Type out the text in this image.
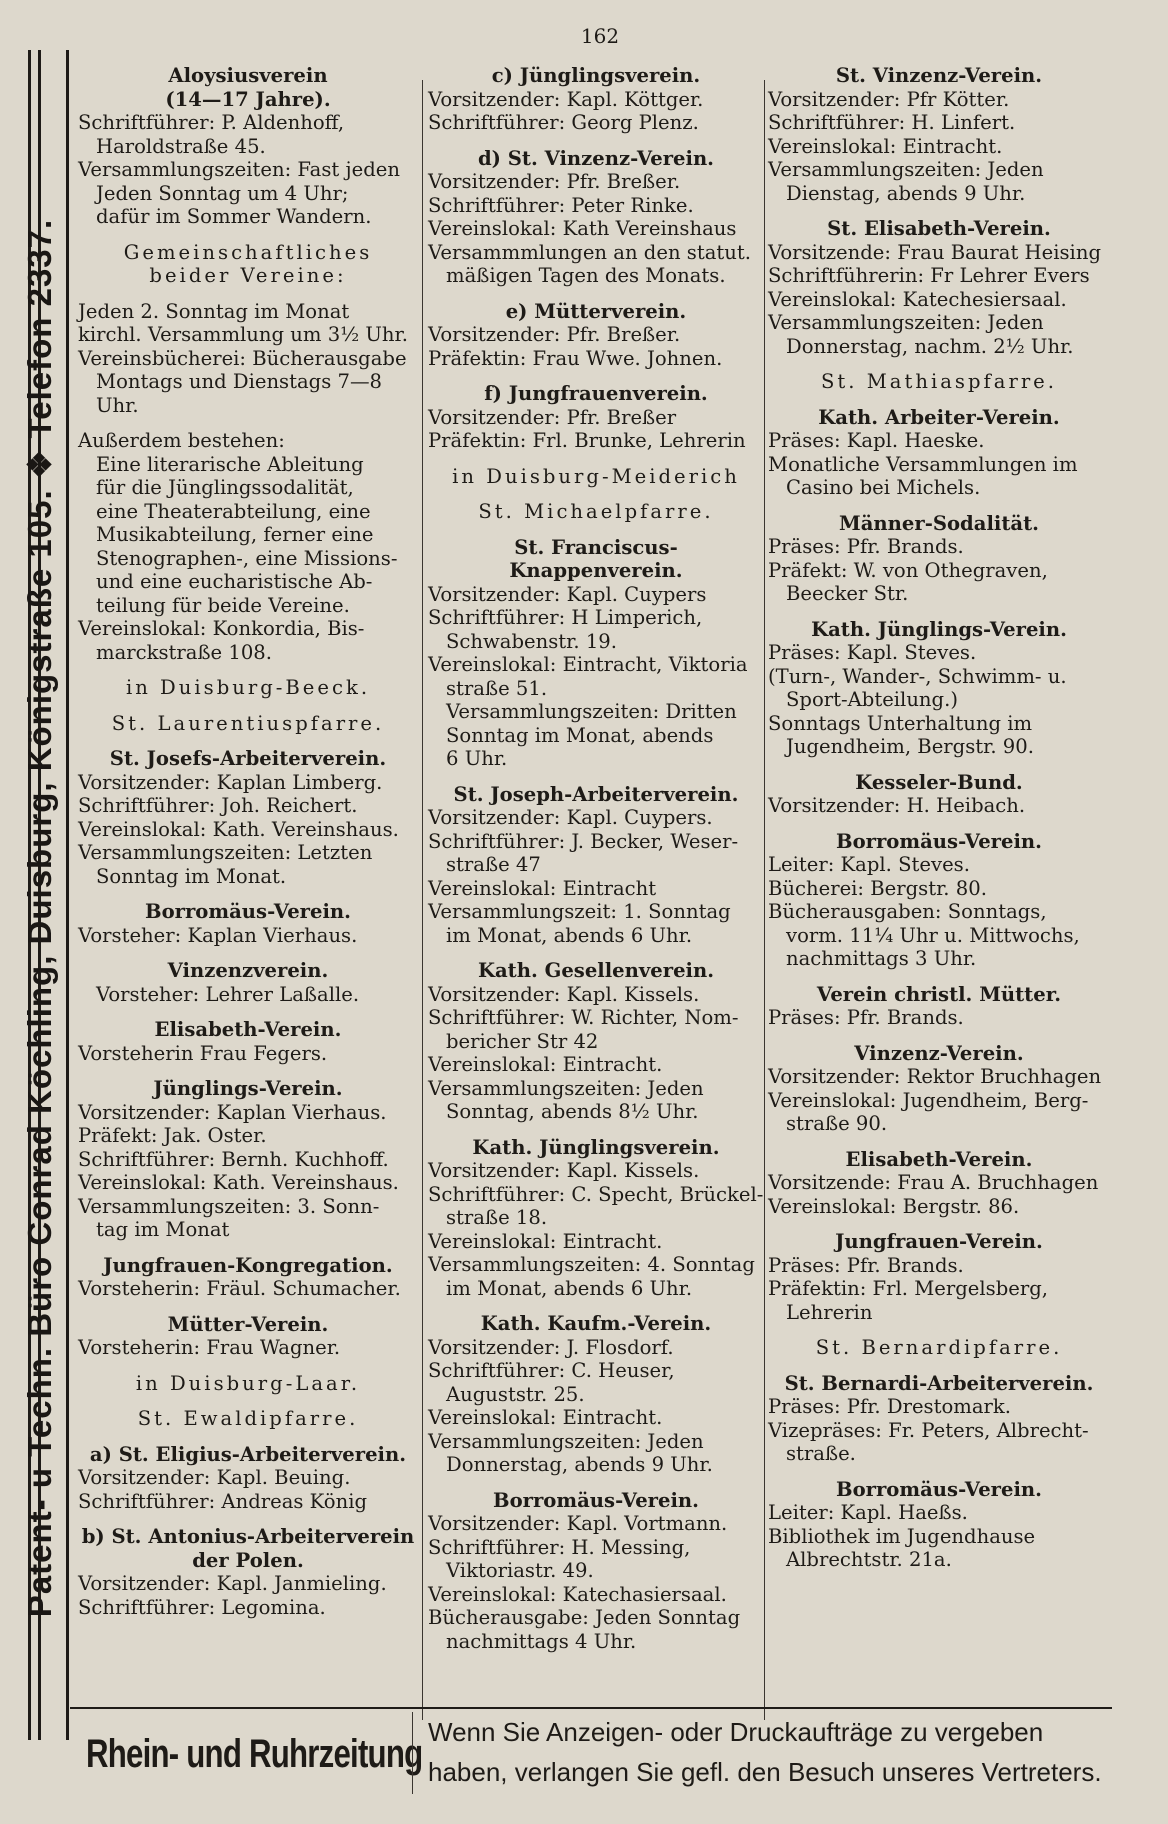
Patent- u Techn. Büro Conrad Köchling, Duisburg, Königstraße 105. ❖ Telefon 2337.
162
Aloysiusverein
(14—17 Jahre).
Schriftführer: P. Aldenhoff,
Haroldstraße 45.
Versammlungszeiten: Fast jeden
Jeden Sonntag um 4 Uhr;
dafür im Sommer Wandern.
Gemeinschaftliches
beider Vereine:
Jeden 2. Sonntag im Monat
kirchl. Versammlung um 3½ Uhr.
Vereinsbücherei: Bücherausgabe
Montags und Dienstags 7—8
Uhr.
Außerdem bestehen:
Eine literarische Ableitung
für die Jünglingssodalität,
eine Theaterabteilung, eine
Musikabteilung, ferner eine
Stenographen-, eine Missions-
und eine eucharistische Ab-
teilung für beide Vereine.
Vereinslokal: Konkordia, Bis-
marckstraße 108.
in Duisburg-Beeck.
St. Laurentiuspfarre.
St. Josefs-Arbeiterverein.
Vorsitzender: Kaplan Limberg.
Schriftführer: Joh. Reichert.
Vereinslokal: Kath. Vereinshaus.
Versammlungszeiten: Letzten
Sonntag im Monat.
Borromäus-Verein.
Vorsteher: Kaplan Vierhaus.
Vinzenzverein.
Vorsteher: Lehrer Laßalle.
Elisabeth-Verein.
Vorsteherin Frau Fegers.
Jünglings-Verein.
Vorsitzender: Kaplan Vierhaus.
Präfekt: Jak. Oster.
Schriftführer: Bernh. Kuchhoff.
Vereinslokal: Kath. Vereinshaus.
Versammlungszeiten: 3. Sonn-
tag im Monat
Jungfrauen-Kongregation.
Vorsteherin: Fräul. Schumacher.
Mütter-Verein.
Vorsteherin: Frau Wagner.
in Duisburg-Laar.
St. Ewaldipfarre.
a) St. Eligius-Arbeiterverein.
Vorsitzender: Kapl. Beuing.
Schriftführer: Andreas König
b) St. Antonius-Arbeiterverein
der Polen.
Vorsitzender: Kapl. Janmieling.
Schriftführer: Legomina.
c) Jünglingsverein.
Vorsitzender: Kapl. Köttger.
Schriftführer: Georg Plenz.
d) St. Vinzenz-Verein.
Vorsitzender: Pfr. Breßer.
Schriftführer: Peter Rinke.
Vereinslokal: Kath Vereinshaus
Versammmlungen an den statut.
mäßigen Tagen des Monats.
e) Mütterverein.
Vorsitzender: Pfr. Breßer.
Präfektin: Frau Wwe. Johnen.
f) Jungfrauenverein.
Vorsitzender: Pfr. Breßer
Präfektin: Frl. Brunke, Lehrerin
in Duisburg-Meiderich
St. Michaelpfarre.
St. Franciscus-Knappenverein.
Vorsitzender: Kapl. Cuypers
Schriftführer: H Limperich,
Schwabenstr. 19.
Vereinslokal: Eintracht, Viktoria
straße 51.
Versammlungszeiten: Dritten
Sonntag im Monat, abends
6 Uhr.
St. Joseph-Arbeiterverein.
Vorsitzender: Kapl. Cuypers.
Schriftführer: J. Becker, Weser-
straße 47
Vereinslokal: Eintracht
Versammlungszeit: 1. Sonntag
im Monat, abends 6 Uhr.
Kath. Gesellenverein.
Vorsitzender: Kapl. Kissels.
Schriftführer: W. Richter, Nom-
bericher Str 42
Vereinslokal: Eintracht.
Versammlungszeiten: Jeden
Sonntag, abends 8½ Uhr.
Kath. Jünglingsverein.
Vorsitzender: Kapl. Kissels.
Schriftführer: C. Specht, Brückel-
straße 18.
Vereinslokal: Eintracht.
Versammlungszeiten: 4. Sonntag
im Monat, abends 6 Uhr.
Kath. Kaufm.-Verein.
Vorsitzender: J. Flosdorf.
Schriftführer: C. Heuser,
Auguststr. 25.
Vereinslokal: Eintracht.
Versammlungszeiten: Jeden
Donnerstag, abends 9 Uhr.
Borromäus-Verein.
Vorsitzender: Kapl. Vortmann.
Schriftführer: H. Messing,
Viktoriastr. 49.
Vereinslokal: Katechasiersaal.
Bücherausgabe: Jeden Sonntag
nachmittags 4 Uhr.
St. Vinzenz-Verein.
Vorsitzender: Pfr Kötter.
Schriftführer: H. Linfert.
Vereinslokal: Eintracht.
Versammlungszeiten: Jeden
Dienstag, abends 9 Uhr.
St. Elisabeth-Verein.
Vorsitzende: Frau Baurat Heising
Schriftführerin: Fr Lehrer Evers
Vereinslokal: Katechesiersaal.
Versammlungszeiten: Jeden
Donnerstag, nachm. 2½ Uhr.
St. Mathiaspfarre.
Kath. Arbeiter-Verein.
Präses: Kapl. Haeske.
Monatliche Versammlungen im
Casino bei Michels.
Männer-Sodalität.
Präses: Pfr. Brands.
Präfekt: W. von Othegraven,
Beecker Str.
Kath. Jünglings-Verein.
Präses: Kapl. Steves.
(Turn-, Wander-, Schwimm- u.
Sport-Abteilung.)
Sonntags Unterhaltung im
Jugendheim, Bergstr. 90.
Kesseler-Bund.
Vorsitzender: H. Heibach.
Borromäus-Verein.
Leiter: Kapl. Steves.
Bücherei: Bergstr. 80.
Bücherausgaben: Sonntags,
vorm. 11¼ Uhr u. Mittwochs,
nachmittags 3 Uhr.
Verein christl. Mütter.
Präses: Pfr. Brands.
Vinzenz-Verein.
Vorsitzender: Rektor Bruchhagen
Vereinslokal: Jugendheim, Berg-
straße 90.
Elisabeth-Verein.
Vorsitzende: Frau A. Bruchhagen
Vereinslokal: Bergstr. 86.
Jungfrauen-Verein.
Präses: Pfr. Brands.
Präfektin: Frl. Mergelsberg,
Lehrerin
St. Bernardipfarre.
St. Bernardi-Arbeiterverein.
Präses: Pfr. Drestomark.
Vizepräses: Fr. Peters, Albrecht-
straße.
Borromäus-Verein.
Leiter: Kapl. Haeßs.
Bibliothek im Jugendhause
Albrechtstr. 21a.
Rhein- und Ruhrzeitung Wenn Sie Anzeigen- oder Druckaufträge zu vergeben
haben, verlangen Sie gefl. den Besuch unseres Vertreters.
